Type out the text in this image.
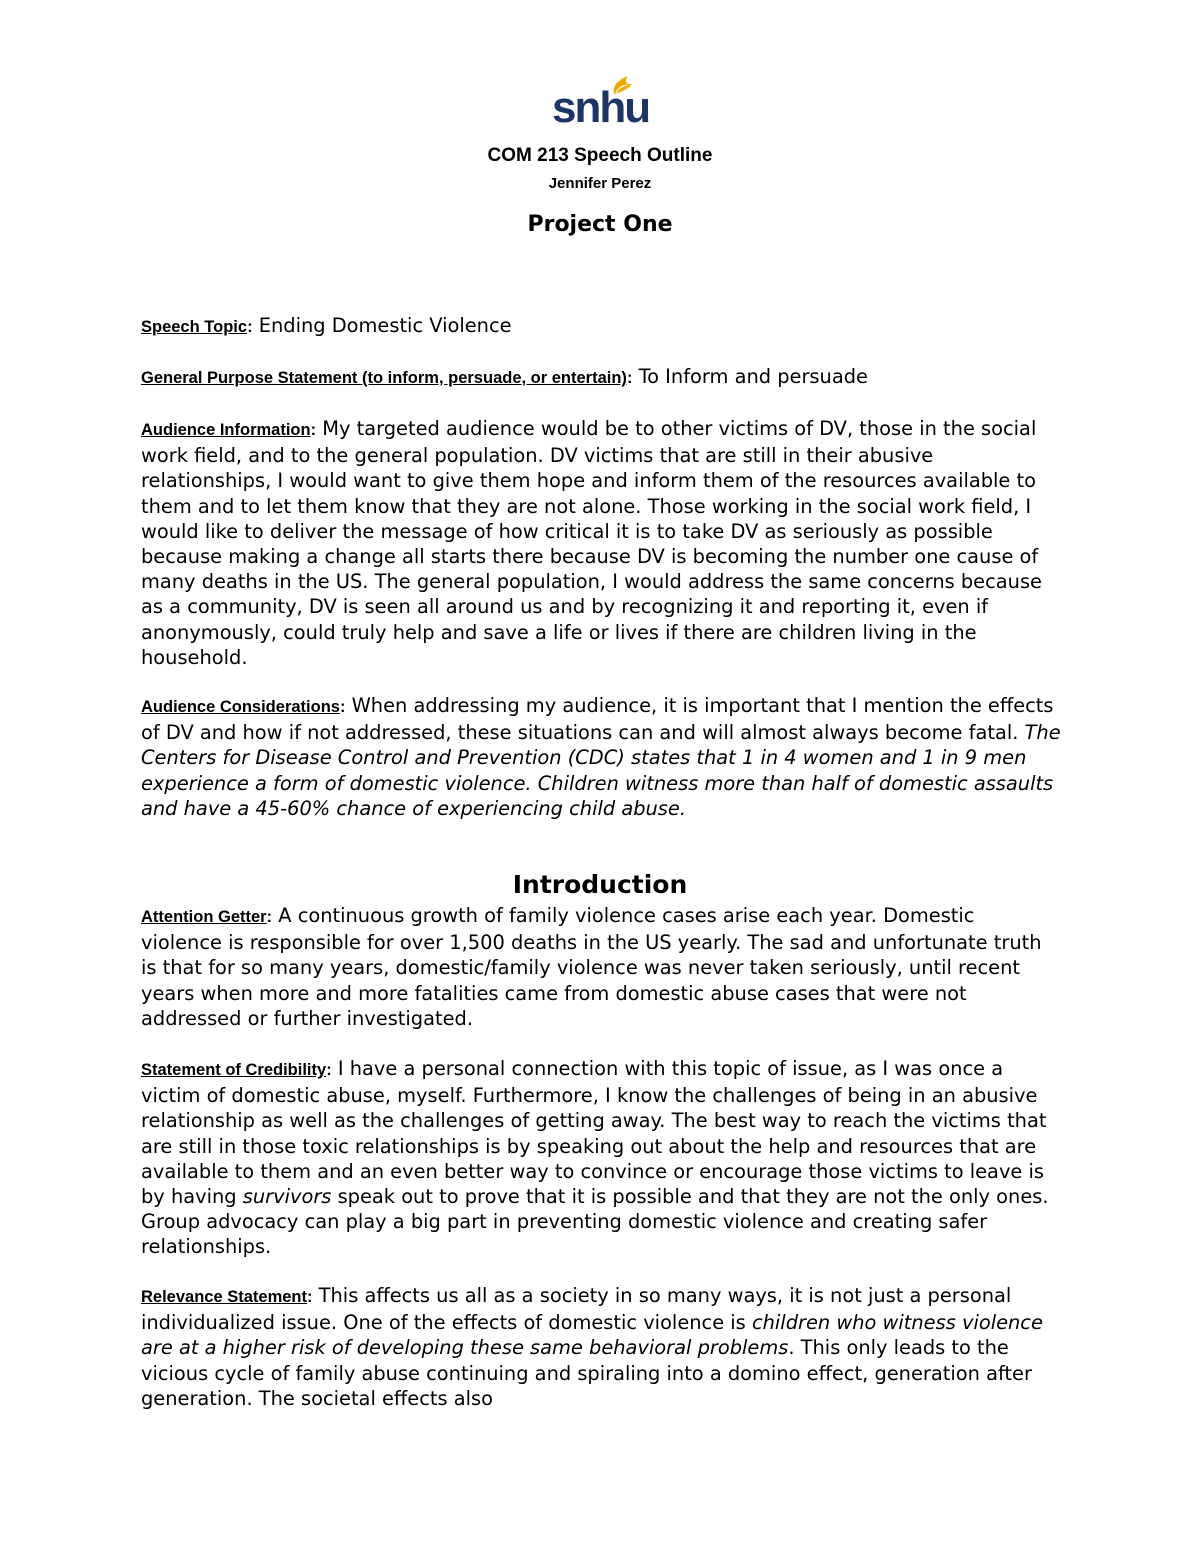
snhu
COM 213 Speech Outline
Jennifer Perez
Project One

Speech Topic: Ending Domestic Violence

General Purpose Statement (to inform, persuade, or entertain): To Inform and persuade

Audience Information: My targeted audience would be to other victims of DV, those in the social work field, and to the general population. DV victims that are still in their abusive relationships, I would want to give them hope and inform them of the resources available to them and to let them know that they are not alone. Those working in the social work field, I would like to deliver the message of how critical it is to take DV as seriously as possible because making a change all starts there because DV is becoming the number one cause of many deaths in the US. The general population, I would address the same concerns because as a community, DV is seen all around us and by recognizing it and reporting it, even if anonymously, could truly help and save a life or lives if there are children living in the household.

Audience Considerations: When addressing my audience, it is important that I mention the effects of DV and how if not addressed, these situations can and will almost always become fatal. The Centers for Disease Control and Prevention (CDC) states that 1 in 4 women and 1 in 9 men experience a form of domestic violence. Children witness more than half of domestic assaults and have a 45-60% chance of experiencing child abuse.

Introduction

Attention Getter: A continuous growth of family violence cases arise each year. Domestic violence is responsible for over 1,500 deaths in the US yearly. The sad and unfortunate truth is that for so many years, domestic/family violence was never taken seriously, until recent years when more and more fatalities came from domestic abuse cases that were not addressed or further investigated.

Statement of Credibility: I have a personal connection with this topic of issue, as I was once a victim of domestic abuse, myself. Furthermore, I know the challenges of being in an abusive relationship as well as the challenges of getting away. The best way to reach the victims that are still in those toxic relationships is by speaking out about the help and resources that are available to them and an even better way to convince or encourage those victims to leave is by having survivors speak out to prove that it is possible and that they are not the only ones. Group advocacy can play a big part in preventing domestic violence and creating safer relationships.

Relevance Statement: This affects us all as a society in so many ways, it is not just a personal individualized issue. One of the effects of domestic violence is children who witness violence are at a higher risk of developing these same behavioral problems. This only leads to the vicious cycle of family abuse continuing and spiraling into a domino effect, generation after generation. The societal effects also
